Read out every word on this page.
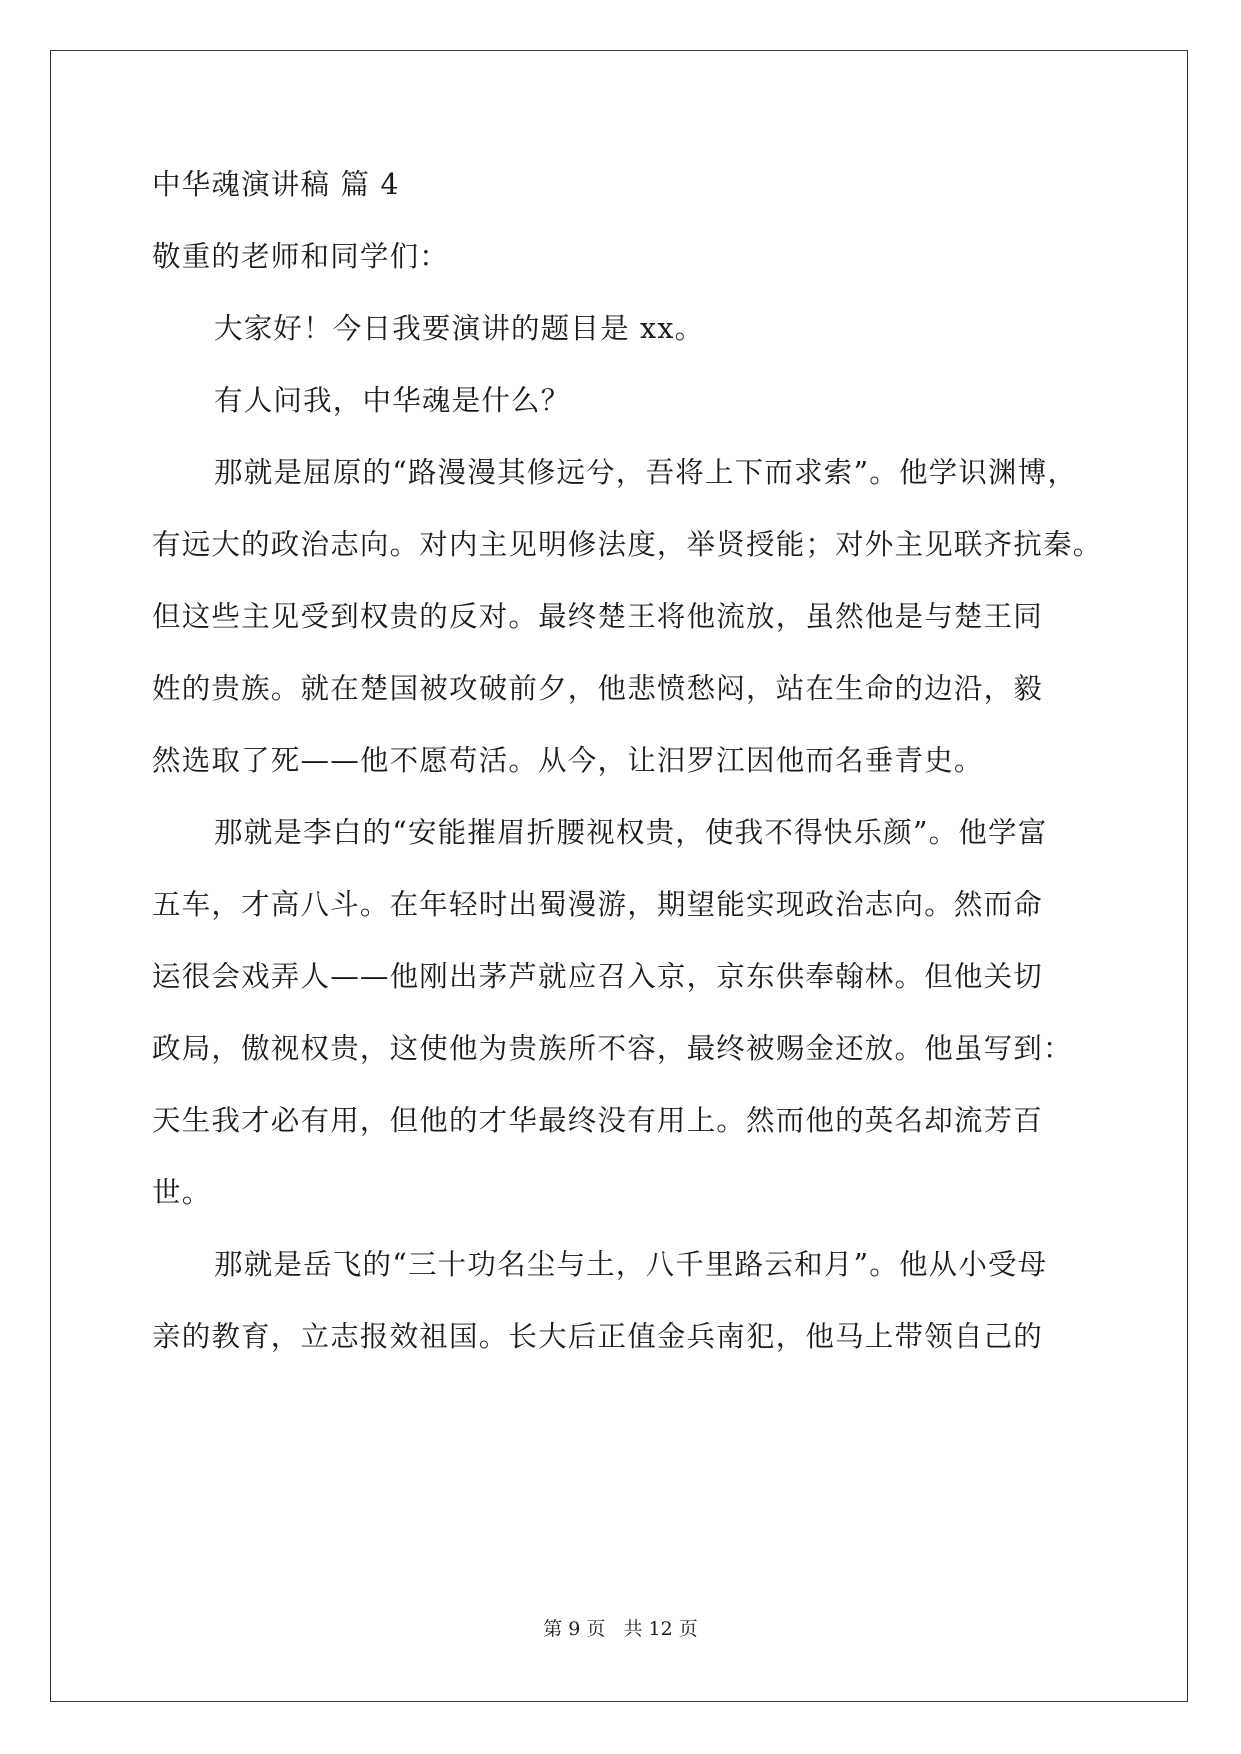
中华魂演讲稿 篇 4
敬重的老师和同学们：
大家好！今日我要演讲的题目是 xx。
有人问我，中华魂是什么？
那就是屈原的“路漫漫其修远兮，吾将上下而求索”。他学识渊博，
有远大的政治志向。对内主见明修法度，举贤授能；对外主见联齐抗秦。
但这些主见受到权贵的反对。最终楚王将他流放，虽然他是与楚王同
姓的贵族。就在楚国被攻破前夕，他悲愤愁闷，站在生命的边沿，毅
然选取了死——他不愿苟活。从今，让汨罗江因他而名垂青史。
那就是李白的“安能摧眉折腰视权贵，使我不得快乐颜”。他学富
五车，才高八斗。在年轻时出蜀漫游，期望能实现政治志向。然而命
运很会戏弄人——他刚出茅芦就应召入京，京东供奉翰林。但他关切
政局，傲视权贵，这使他为贵族所不容，最终被赐金还放。他虽写到：
天生我才必有用，但他的才华最终没有用上。然而他的英名却流芳百
世。
那就是岳飞的“三十功名尘与土，八千里路云和月”。他从小受母
亲的教育，立志报效祖国。长大后正值金兵南犯，他马上带领自己的
第 9 页   共 12 页
